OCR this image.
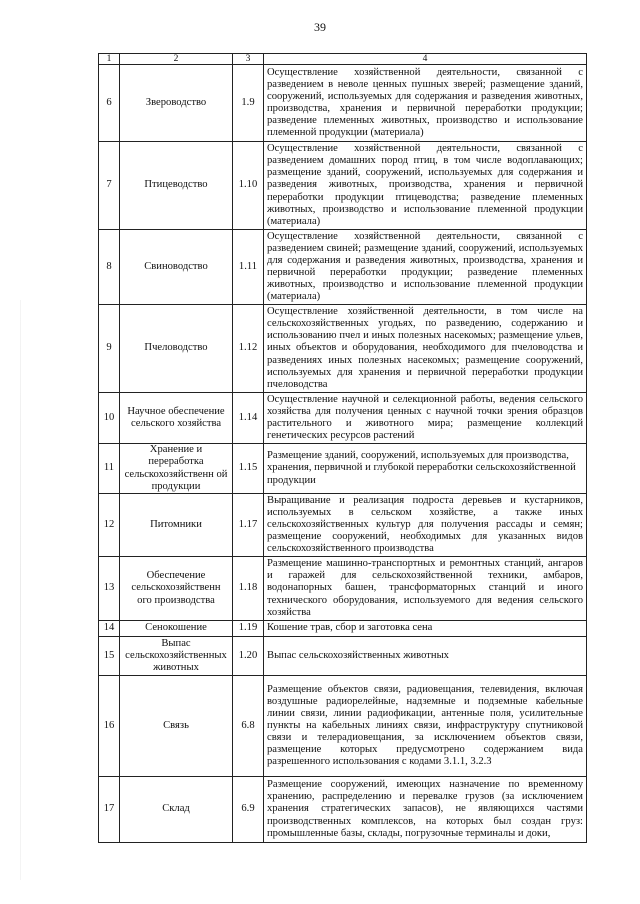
39
1	2	3	4
6	Звероводство	1.9	Осуществление хозяйственной деятельности, связанной с разведением в неволе ценных пушных зверей; размещение зданий, сооружений, используемых для содержания и разведения животных, производства, хранения и первичной переработки продукции; разведение племенных животных, производство и использование племенной продукции (материала)
7	Птицеводство	1.10	Осуществление хозяйственной деятельности, связанной с разведением домашних пород птиц, в том числе водоплавающих; размещение зданий, сооружений, используемых для содержания и разведения животных, производства, хранения и первичной переработки продукции птицеводства; разведение племенных животных, производство и использование племенной продукции (материала)
8	Свиноводство	1.11	Осуществление хозяйственной деятельности, связанной с разведением свиней; размещение зданий, сооружений, используемых для содержания и разведения животных, производства, хранения и первичной переработки продукции; разведение племенных животных, производство и использование племенной продукции (материала)
9	Пчеловодство	1.12	Осуществление хозяйственной деятельности, в том числе на сельскохозяйственных угодьях, по разведению, содержанию и использованию пчел и иных полезных насекомых; размещение ульев, иных объектов и оборудования, необходимого для пчеловодства и разведениях иных полезных насекомых; размещение сооружений, используемых для хранения и первичной переработки продукции пчеловодства
10	Научное обеспечение сельского хозяйства	1.14	Осуществление научной и селекционной работы, ведения сельского хозяйства для получения ценных с научной точки зрения образцов растительного и животного мира; размещение коллекций генетических ресурсов растений
11	Хранение и переработка сельскохозяйственн ой продукции	1.15	Размещение зданий, сооружений, используемых для производства, хранения, первичной и глубокой переработки сельскохозяйственной продукции
12	Питомники	1.17	Выращивание и реализация подроста деревьев и кустарников, используемых в сельском хозяйстве, а также иных сельскохозяйственных культур для получения рассады и семян; размещение сооружений, необходимых для указанных видов сельскохозяйственного производства
13	Обеспечение сельскохозяйственн ого производства	1.18	Размещение машинно-транспортных и ремонтных станций, ангаров и гаражей для сельскохозяйственной техники, амбаров, водонапорных башен, трансформаторных станций и иного технического оборудования, используемого для ведения сельского хозяйства
14	Сенокошение	1.19	Кошение трав, сбор и заготовка сена
15	Выпас сельскохозяйственных животных	1.20	Выпас сельскохозяйственных животных
16	Связь	6.8	Размещение объектов связи, радиовещания, телевидения, включая воздушные радиорелейные, надземные и подземные кабельные линии связи, линии радиофикации, антенные поля, усилительные пункты на кабельных линиях связи, инфраструктуру спутниковой связи и телерадиовещания, за исключением объектов связи, размещение которых предусмотрено содержанием вида разрешенного использования с кодами 3.1.1, 3.2.3
17	Склад	6.9	Размещение сооружений, имеющих назначение по временному хранению, распределению и перевалке грузов (за исключением хранения стратегических запасов), не являющихся частями производственных комплексов, на которых был создан груз: промышленные базы, склады, погрузочные терминалы и доки,
